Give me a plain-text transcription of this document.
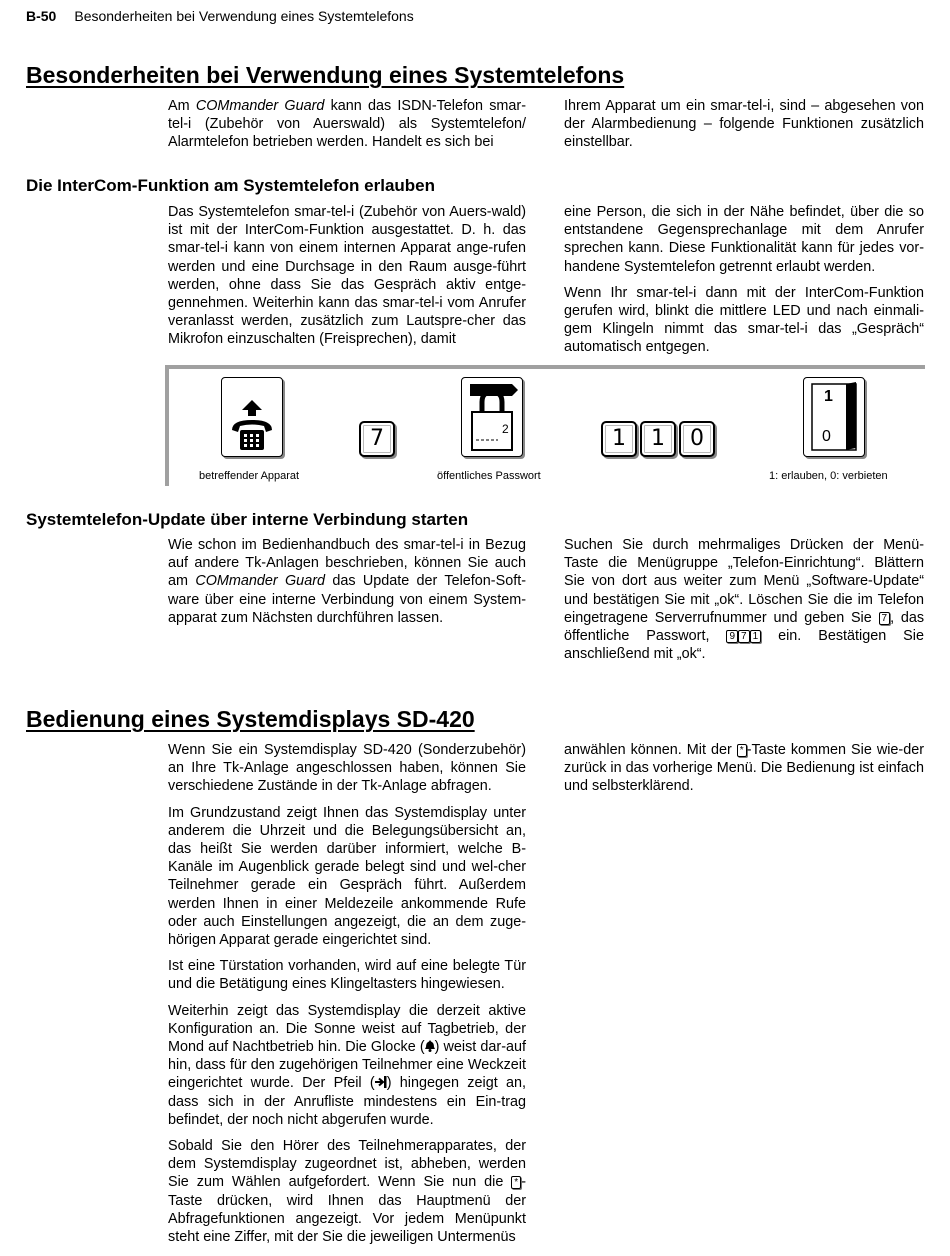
B-50 Besonderheiten bei Verwendung eines Systemtelefons
Besonderheiten bei Verwendung eines Systemtelefons

Am COMmander Guard kann das ISDN-Telefon smar-tel-i (Zubehör von Auerswald) als Systemtelefon/ Alarmtelefon betrieben werden. Handelt es sich bei

Ihrem Apparat um ein smar-tel-i, sind – abgesehen von der Alarmbedienung – folgende Funktionen zusätzlich einstellbar.

Die InterCom-Funktion am Systemtelefon erlauben

Das Systemtelefon smar-tel-i (Zubehör von Auers-wald) ist mit der InterCom-Funktion ausgestattet. D. h. das smar-tel-i kann von einem internen Apparat ange-rufen werden und eine Durchsage in den Raum ausge-führt werden, ohne dass Sie das Gespräch aktiv entge-gennehmen. Weiterhin kann das smar-tel-i vom Anrufer veranlasst werden, zusätzlich zum Lautspre-cher das Mikrofon einzuschalten (Freisprechen), damit

eine Person, die sich in der Nähe befindet, über die so entstandene Gegensprechanlage mit dem Anrufer sprechen kann. Diese Funktionalität kann für jedes vor-handene Systemtelefon getrennt erlaubt werden.

Wenn Ihr smar-tel-i dann mit der InterCom-Funktion gerufen wird, blinkt die mittlere LED und nach einmali-gem Klingeln nimmt das smar-tel-i das „Gespräch“ automatisch entgegen.

betreffender Apparat
7	2
öffentliches Passwort
1	1	0
1
0
1: erlauben, 0: verbieten
Systemtelefon-Update über interne Verbindung starten

Wie schon im Bedienhandbuch des smar-tel-i in Bezug auf andere Tk-Anlagen beschrieben, können Sie auch am COMmander Guard das Update der Telefon-Soft-ware über eine interne Verbindung von einem System-apparat zum Nächsten durchführen lassen.

Suchen Sie durch mehrmaliges Drücken der Menü-Taste die Menügruppe „Telefon-Einrichtung“. Blättern Sie von dort aus weiter zum Menü „Software-Update“ und bestätigen Sie mit „ok“. Löschen Sie die im Telefon eingetragene Serverrufnummer und geben Sie 7 , das öffentliche Passwort, 9 7 1 ein. Bestätigen Sie anschließend mit „ok“.

Bedienung eines Systemdisplays SD-420

Wenn Sie ein Systemdisplay SD-420 (Sonderzubehör) an Ihre Tk-Anlage angeschlossen haben, können Sie verschiedene Zustände in der Tk-Anlage abfragen.

Im Grundzustand zeigt Ihnen das Systemdisplay unter anderem die Uhrzeit und die Belegungsübersicht an, das heißt Sie werden darüber informiert, welche B-Kanäle im Augenblick gerade belegt sind und wel-cher Teilnehmer gerade ein Gespräch führt. Außerdem werden Ihnen in einer Meldezeile ankommende Rufe oder auch Einstellungen angezeigt, die an dem zuge-hörigen Apparat gerade eingerichtet sind.

Ist eine Türstation vorhanden, wird auf eine belegte Tür und die Betätigung eines Klingeltasters hingewiesen.

Weiterhin zeigt das Systemdisplay die derzeit aktive Konfiguration an. Die Sonne weist auf Tagbetrieb, der Mond auf Nachtbetrieb hin. Die Glocke ( ) weist dar-auf hin, dass für den zugehörigen Teilnehmer eine Weckzeit eingerichtet wurde. Der Pfeil ( ) hingegen zeigt an, dass sich in der Anrufliste mindestens ein Ein-trag befindet, der noch nicht abgerufen wurde.

Sobald Sie den Hörer des Teilnehmerapparates, der dem Systemdisplay zugeordnet ist, abheben, werden Sie zum Wählen aufgefordert. Wenn Sie nun die * -Taste drücken, wird Ihnen das Hauptmenü der Abfragefunktionen angezeigt. Vor jedem Menüpunkt steht eine Ziffer, mit der Sie die jeweiligen Untermenüs

anwählen können. Mit der * -Taste kommen Sie wie-der zurück in das vorherige Menü. Die Bedienung ist einfach und selbsterklärend.
